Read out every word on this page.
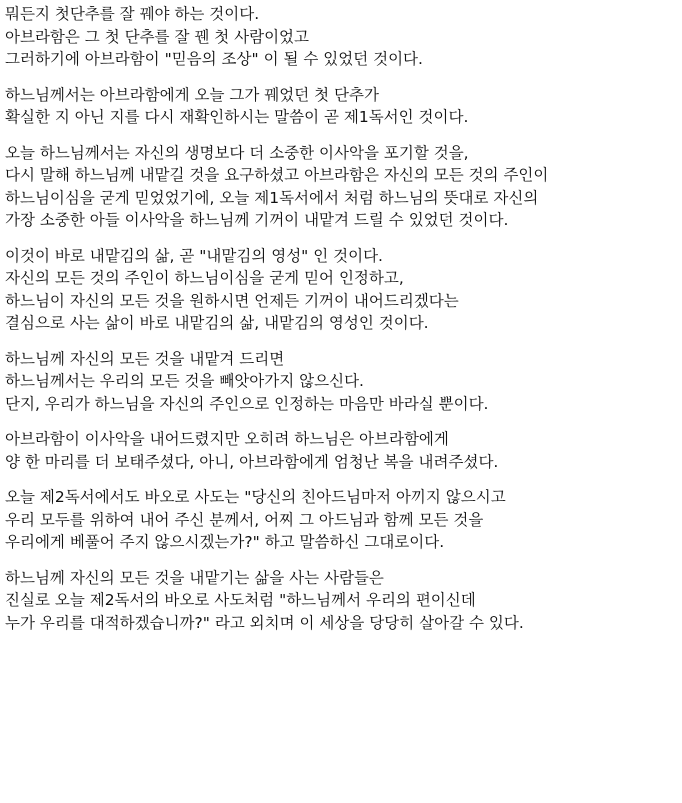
뭐든지 첫단추를 잘 꿰야 하는 것이다.
아브라함은 그 첫 단추를 잘 꿴 첫 사람이었고
그러하기에 아브라함이 "믿음의 조상" 이 될 수 있었던 것이다.
하느님께서는 아브라함에게 오늘 그가 꿰었던 첫 단추가
확실한 지 아닌 지를 다시 재확인하시는 말씀이 곧 제1독서인 것이다.
오늘 하느님께서는 자신의 생명보다 더 소중한 이사악을 포기할 것을,
다시 말해 하느님께 내맡길 것을 요구하셨고 아브라함은 자신의 모든 것의 주인이
하느님이심을 굳게 믿었었기에, 오늘 제1독서에서 처럼 하느님의 뜻대로 자신의
가장 소중한 아들 이사악을 하느님께 기꺼이 내맡겨 드릴 수 있었던 것이다.
이것이 바로 내맡김의 삶, 곧 "내맡김의 영성" 인 것이다.
자신의 모든 것의 주인이 하느님이심을 굳게 믿어 인정하고,
하느님이 자신의 모든 것을 원하시면 언제든 기꺼이 내어드리겠다는
결심으로 사는 삶이 바로 내맡김의 삶, 내맡김의 영성인 것이다.
하느님께 자신의 모든 것을 내맡겨 드리면
하느님께서는 우리의 모든 것을 빼앗아가지 않으신다.
단지, 우리가 하느님을 자신의 주인으로 인정하는 마음만 바라실 뿐이다.
아브라함이 이사악을 내어드렸지만 오히려 하느님은 아브라함에게
양 한 마리를 더 보태주셨다, 아니, 아브라함에게 엄청난 복을 내려주셨다.
오늘 제2독서에서도 바오로 사도는 "당신의 친아드님마저 아끼지 않으시고
우리 모두를 위하여 내어 주신 분께서, 어찌 그 아드님과 함께 모든 것을
우리에게 베풀어 주지 않으시겠는가?" 하고 말씀하신 그대로이다.
하느님께 자신의 모든 것을 내맡기는 삶을 사는 사람들은
진실로 오늘 제2독서의 바오로 사도처럼 "하느님께서 우리의 편이신데
누가 우리를 대적하겠습니까?" 라고 외치며 이 세상을 당당히 살아갈 수 있다.
